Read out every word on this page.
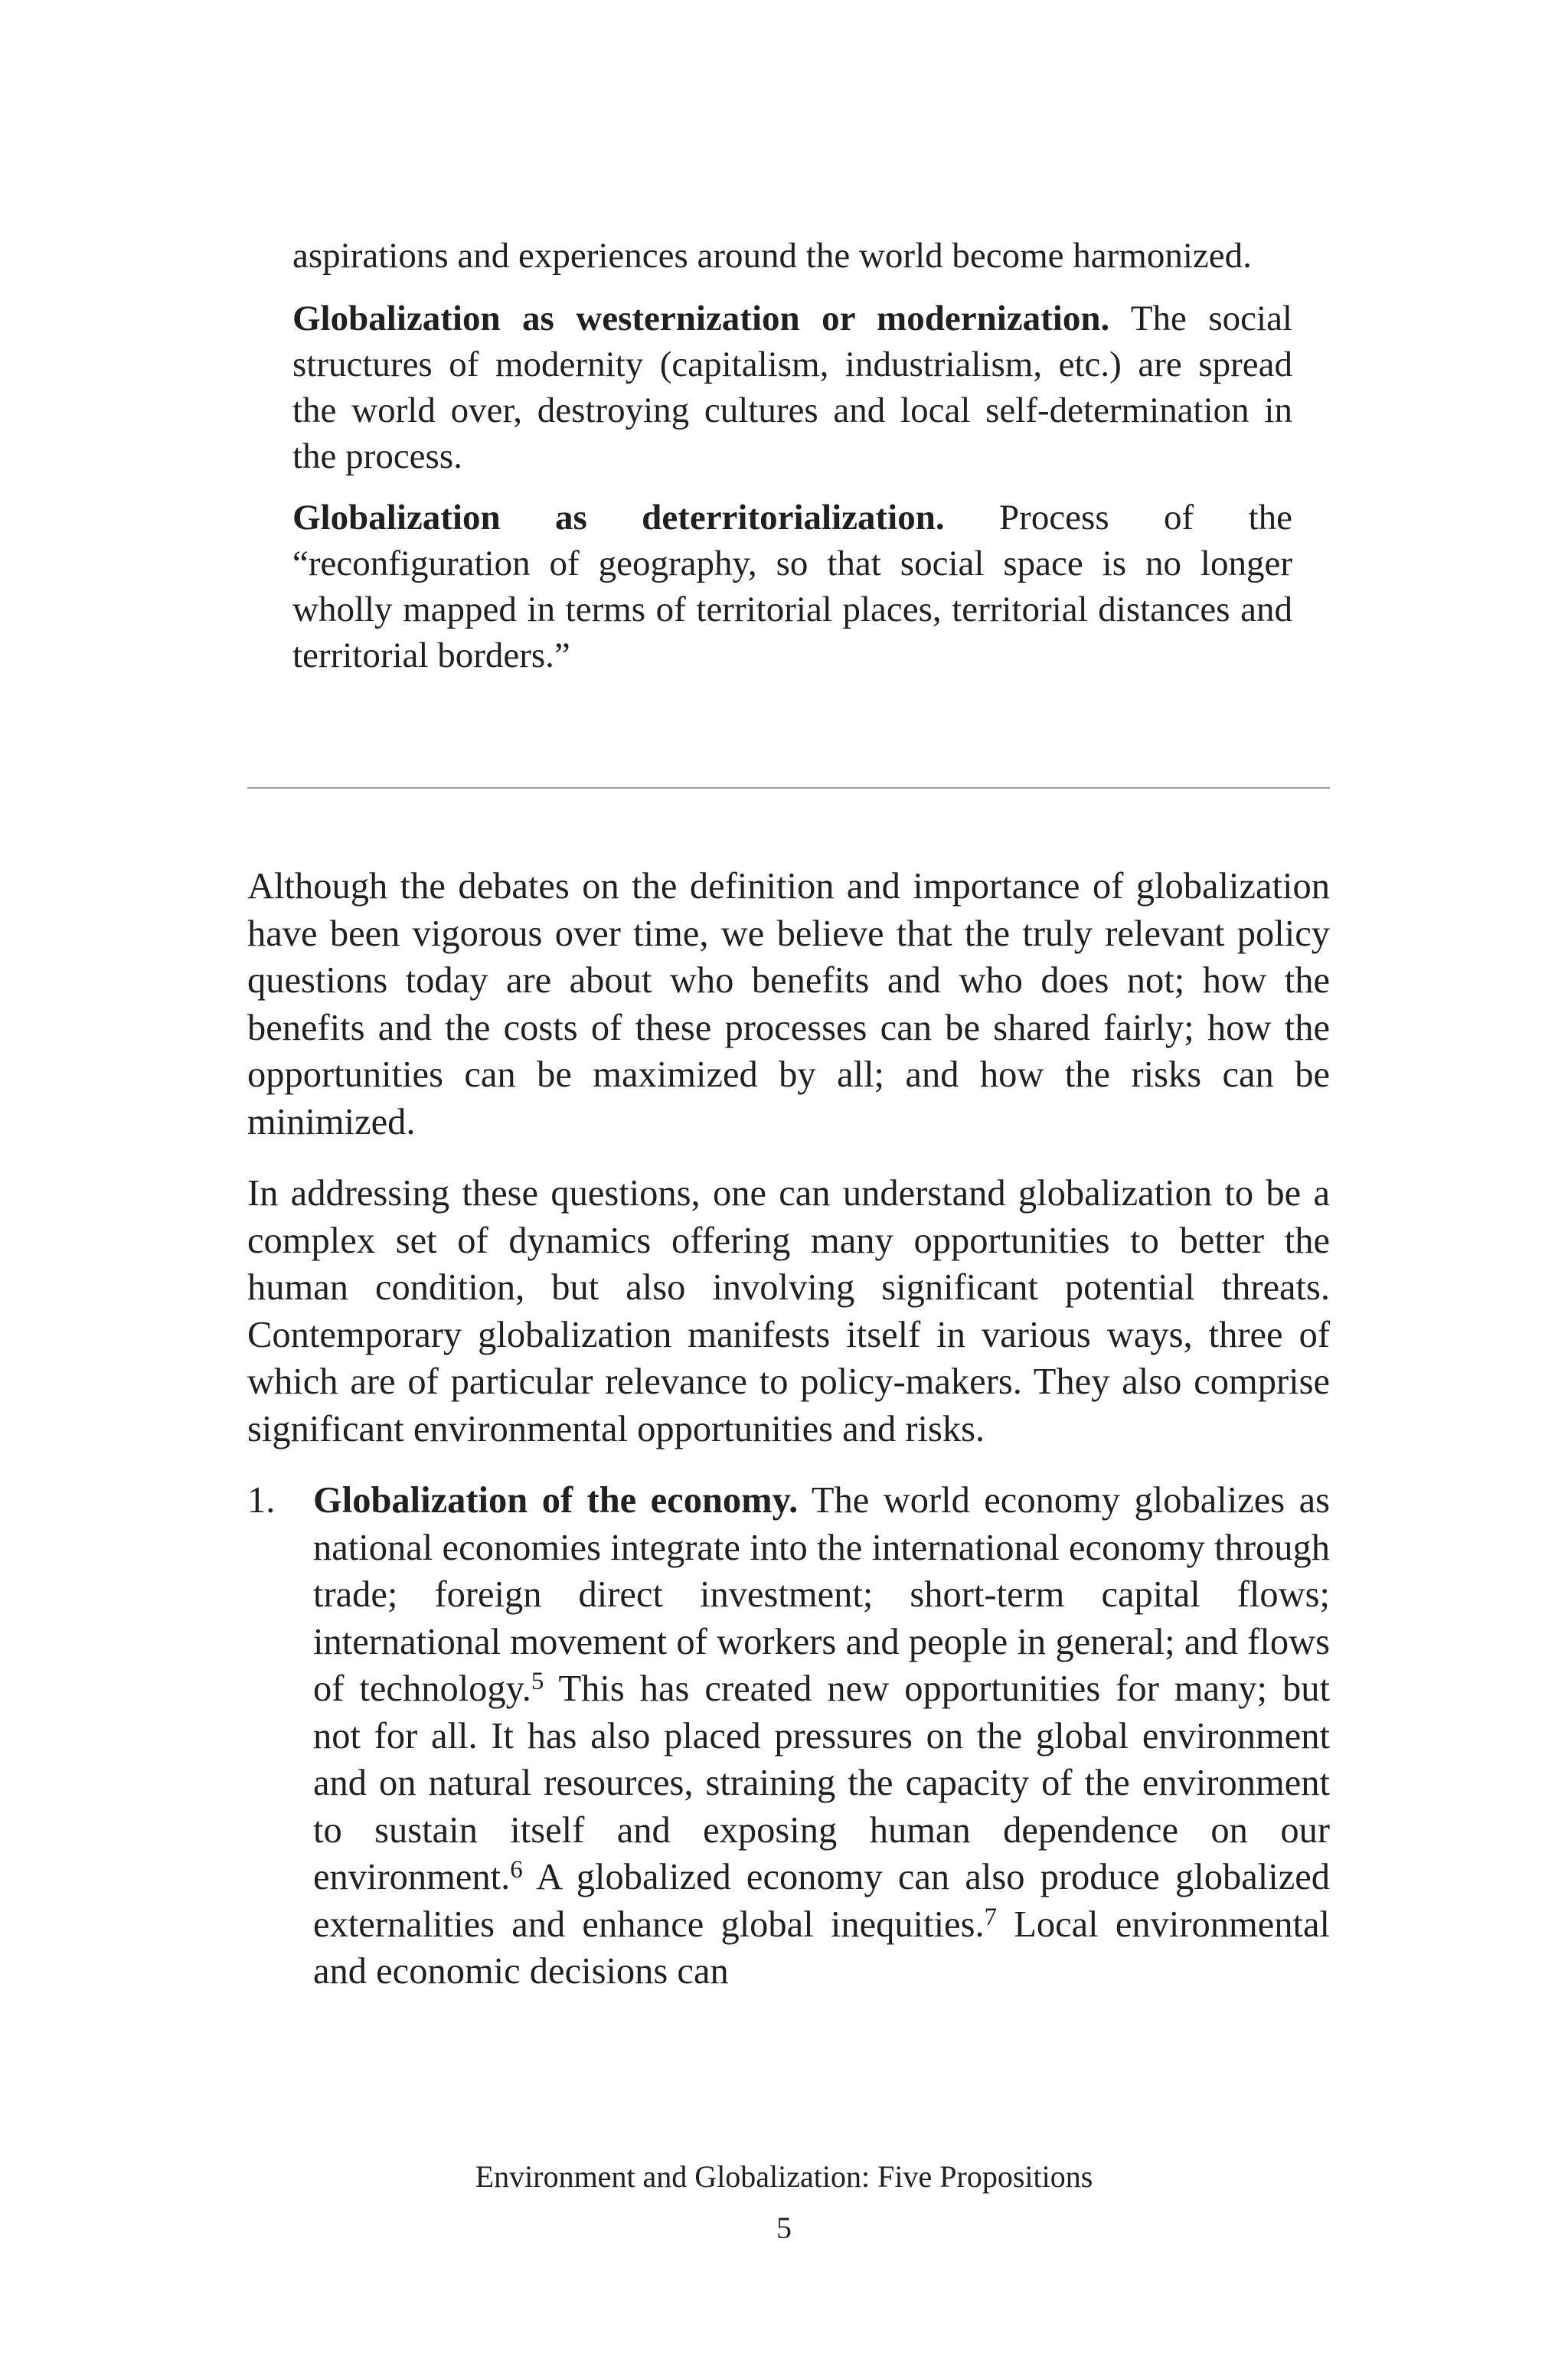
aspirations and experiences around the world become harmonized.

Globalization as westernization or modernization. The social structures of modernity (capitalism, industrialism, etc.) are spread the world over, destroying cultures and local self-determination in the process.

Globalization as deterritorialization. Process of the “reconfiguration of geography, so that social space is no longer wholly mapped in terms of territorial places, territorial distances and territorial borders.”

Although the debates on the definition and importance of globalization have been vigorous over time, we believe that the truly relevant policy questions today are about who benefits and who does not; how the benefits and the costs of these processes can be shared fairly; how the opportunities can be maximized by all; and how the risks can be minimized.

In addressing these questions, one can understand globalization to be a complex set of dynamics offering many opportunities to better the human condition, but also involving significant potential threats. Contemporary globalization manifests itself in various ways, three of which are of particular relevance to policy-makers. They also comprise significant environmental opportunities and risks.

1. Globalization of the economy. The world economy globalizes as national economies integrate into the international economy through trade; foreign direct investment; short-term capital flows; international movement of workers and people in general; and flows of technology.$^5$ This has created new opportunities for many; but not for all. It has also placed pressures on the global environment and on natural resources, straining the capacity of the environment to sustain itself and exposing human dependence on our environment.$^6$ A globalized economy can also produce globalized externalities and enhance global inequities.$^7$ Local environmental and economic decisions can

Environment and Globalization: Five Propositions
5
